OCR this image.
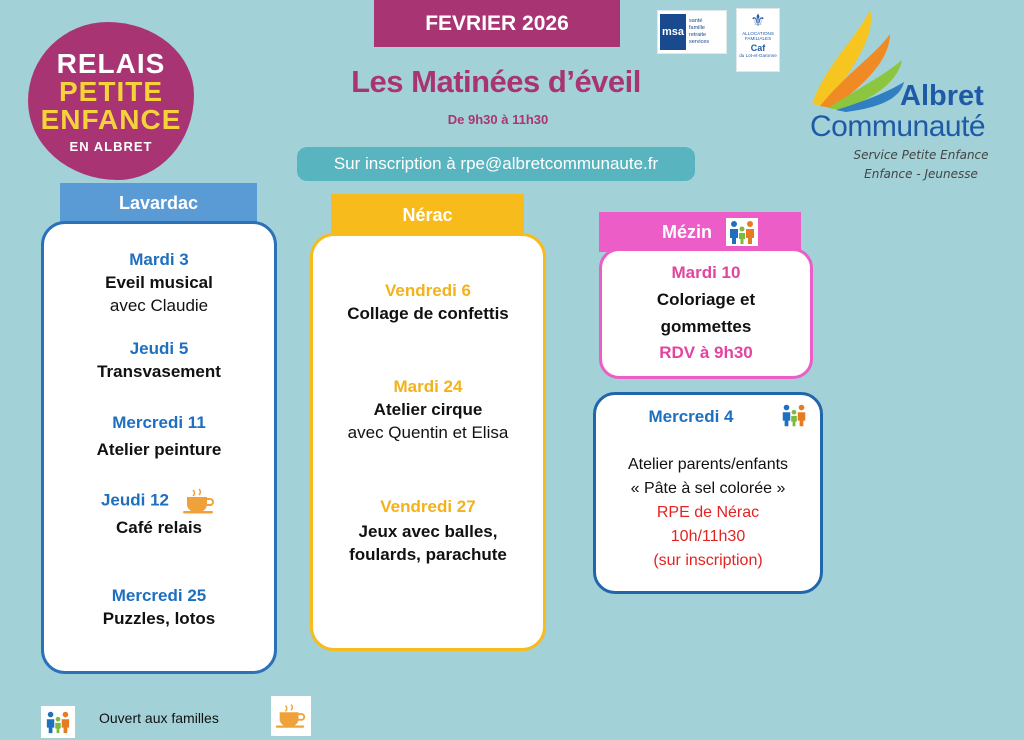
RELAIS
PETITE
ENFANCE
EN ALBRET
FEVRIER 2026
Les Matinées d’éveil
De 9h30 à 11h30
Sur inscription à rpe@albretcommunaute.fr
msa
santé
famille
retraite
services
⚜
ALLOCATIONS FAMILIALES
Caf
du Lot-et-Garonne
Albret
Communauté
Service Petite Enfance
Enfance - Jeunesse
Lavardac
Mardi 3
Eveil musical
avec Claudie
Jeudi 5
Transvasement
Mercredi 11
Atelier peinture
Jeudi 12
Café relais
Mercredi 25
Puzzles, lotos
Nérac
Vendredi 6
Collage de confettis
Mardi 24
Atelier cirque
avec Quentin et Elisa
Vendredi 27
Jeux avec balles,
foulards, parachute
Mézin
Mardi 10
Coloriage et
gommettes
RDV à 9h30
Mercredi 4
Atelier parents/enfants
« Pâte à sel colorée »
RPE de Nérac
10h/11h30
(sur inscription)
Ouvert aux familles
